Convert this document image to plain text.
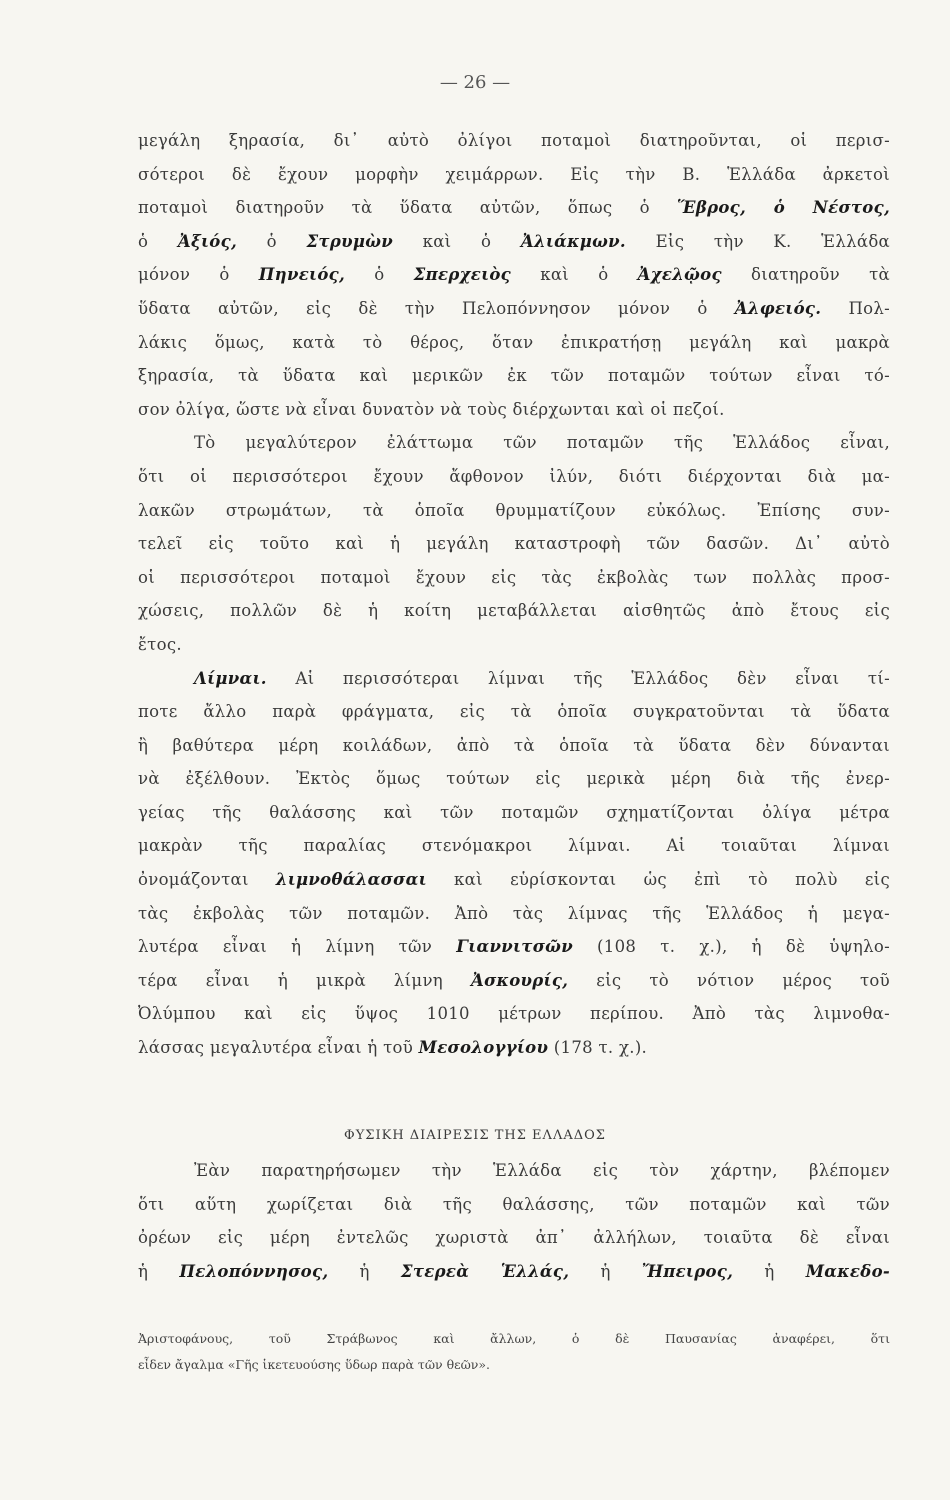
— 26 —
μεγάλη ξηρασία, δι᾿ αὐτὸ ὀλίγοι ποταμοὶ διατηροῦνται, οἱ περισ-
σότεροι δὲ ἔχουν μορφὴν χειμάρρων. Εἰς τὴν Β. Ἑλλάδα ἀρκετοὶ
ποταμοὶ διατηροῦν τὰ ὕδατα αὐτῶν, ὅπως ὁ Ἕβρος, ὁ Νέστος,
ὁ Ἀξιός, ὁ Στρυμὼν καὶ ὁ Ἀλιάκμων. Εἰς τὴν Κ. Ἑλλάδα
μόνον ὁ Πηνειός, ὁ Σπερχειὸς καὶ ὁ Ἀχελῷος διατηροῦν τὰ
ὕδατα αὐτῶν, εἰς δὲ τὴν Πελοπόννησον μόνον ὁ Ἀλφειός. Πολ-
λάκις ὅμως, κατὰ τὸ θέρος, ὅταν ἐπικρατήσῃ μεγάλη καὶ μακρὰ
ξηρασία, τὰ ὕδατα καὶ μερικῶν ἐκ τῶν ποταμῶν τούτων εἶναι τό-
σον ὀλίγα, ὥστε νὰ εἶναι δυνατὸν νὰ τοὺς διέρχωνται καὶ οἱ πεζοί.
Τὸ μεγαλύτερον ἐλάττωμα τῶν ποταμῶν τῆς Ἑλλάδος εἶναι,
ὅτι οἱ περισσότεροι ἔχουν ἄφθονον ἰλύν, διότι διέρχονται διὰ μα-
λακῶν στρωμάτων, τὰ ὁποῖα θρυμματίζουν εὐκόλως. Ἐπίσης συν-
τελεῖ εἰς τοῦτο καὶ ἡ μεγάλη καταστροφὴ τῶν δασῶν. Δι᾿ αὐτὸ
οἱ περισσότεροι ποταμοὶ ἔχουν εἰς τὰς ἐκβολὰς των πολλὰς προσ-
χώσεις, πολλῶν δὲ ἡ κοίτη μεταβάλλεται αἰσθητῶς ἀπὸ ἔτους εἰς
ἔτος.
Λίμναι. Αἱ περισσότεραι λίμναι τῆς Ἑλλάδος δὲν εἶναι τί-
ποτε ἄλλο παρὰ φράγματα, εἰς τὰ ὁποῖα συγκρατοῦνται τὰ ὕδατα
ἢ βαθύτερα μέρη κοιλάδων, ἀπὸ τὰ ὁποῖα τὰ ὕδατα δὲν δύνανται
νὰ ἐξέλθουν. Ἐκτὸς ὅμως τούτων εἰς μερικὰ μέρη διὰ τῆς ἐνερ-
γείας τῆς θαλάσσης καὶ τῶν ποταμῶν σχηματίζονται ὀλίγα μέτρα
μακρὰν τῆς παραλίας στενόμακροι λίμναι. Αἱ τοιαῦται λίμναι
ὀνομάζονται λιμνοθάλασσαι καὶ εὑρίσκονται ὡς ἐπὶ τὸ πολὺ εἰς
τὰς ἐκβολὰς τῶν ποταμῶν. Ἀπὸ τὰς λίμνας τῆς Ἑλλάδος ἡ μεγα-
λυτέρα εἶναι ἡ λίμνη τῶν Γιαννιτσῶν (108 τ. χ.), ἡ δὲ ὑψηλο-
τέρα εἶναι ἡ μικρὰ λίμνη Ἀσκουρίς, εἰς τὸ νότιον μέρος τοῦ
Ὀλύμπου καὶ εἰς ὕψος 1010 μέτρων περίπου. Ἀπὸ τὰς λιμνοθα-
λάσσας μεγαλυτέρα εἶναι ἡ τοῦ Μεσολογγίου (178 τ. χ.).
ΦΥΣΙΚΗ ΔΙΑΙΡΕΣΙΣ ΤΗΣ ΕΛΛΑΔΟΣ
Ἐὰν παρατηρήσωμεν τὴν Ἑλλάδα εἰς τὸν χάρτην, βλέπομεν
ὅτι αὕτη χωρίζεται διὰ τῆς θαλάσσης, τῶν ποταμῶν καὶ τῶν
ὀρέων εἰς μέρη ἐντελῶς χωριστὰ ἀπ᾿ ἀλλήλων, τοιαῦτα δὲ εἶναι
ἡ Πελοπόννησος, ἡ Στερεὰ Ἑλλάς, ἡ Ἤπειρος, ἡ Μακεδο-
Ἀριστοφάνους, τοῦ Στράβωνος καὶ ἄλλων, ὁ δὲ Παυσανίας ἀναφέρει, ὅτι
εἶδεν ἄγαλμα «Γῆς ἱκετευούσης ὕδωρ παρὰ τῶν θεῶν».
